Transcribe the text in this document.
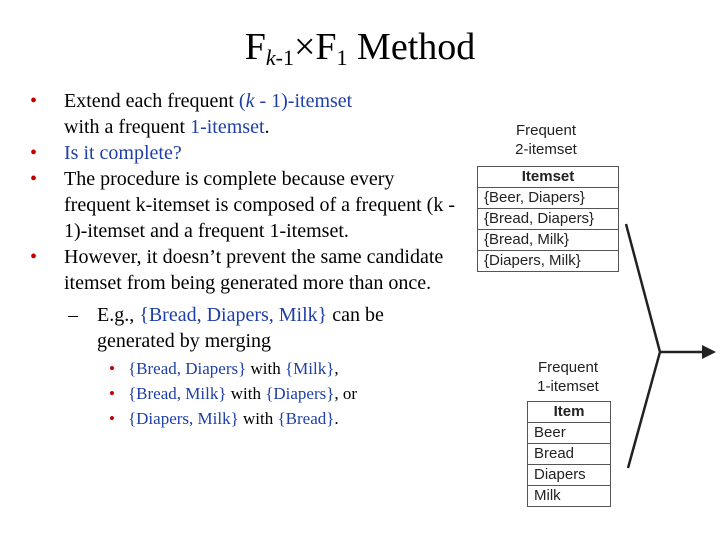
$F_{k-1}\times F_1$ Method
• Extend each frequent (k - 1)-itemset
with a frequent 1-itemset.
• Is it complete?
• The procedure is complete because every frequent k-itemset is composed of a frequent (k - 1)-itemset and a frequent 1-itemset.
• However, it doesn’t prevent the same candidate itemset from being generated more than once.
– E.g., {Bread, Diapers, Milk} can be generated by merging
• {Bread, Diapers} with {Milk},
• {Bread, Milk} with {Diapers}, or
• {Diapers, Milk} with {Bread}.
Frequent
2-itemset
Itemset
{Beer, Diapers}
{Bread, Diapers}
{Bread, Milk}
{Diapers, Milk}
Frequent
1-itemset
Item
Beer
Bread
Diapers
Milk
